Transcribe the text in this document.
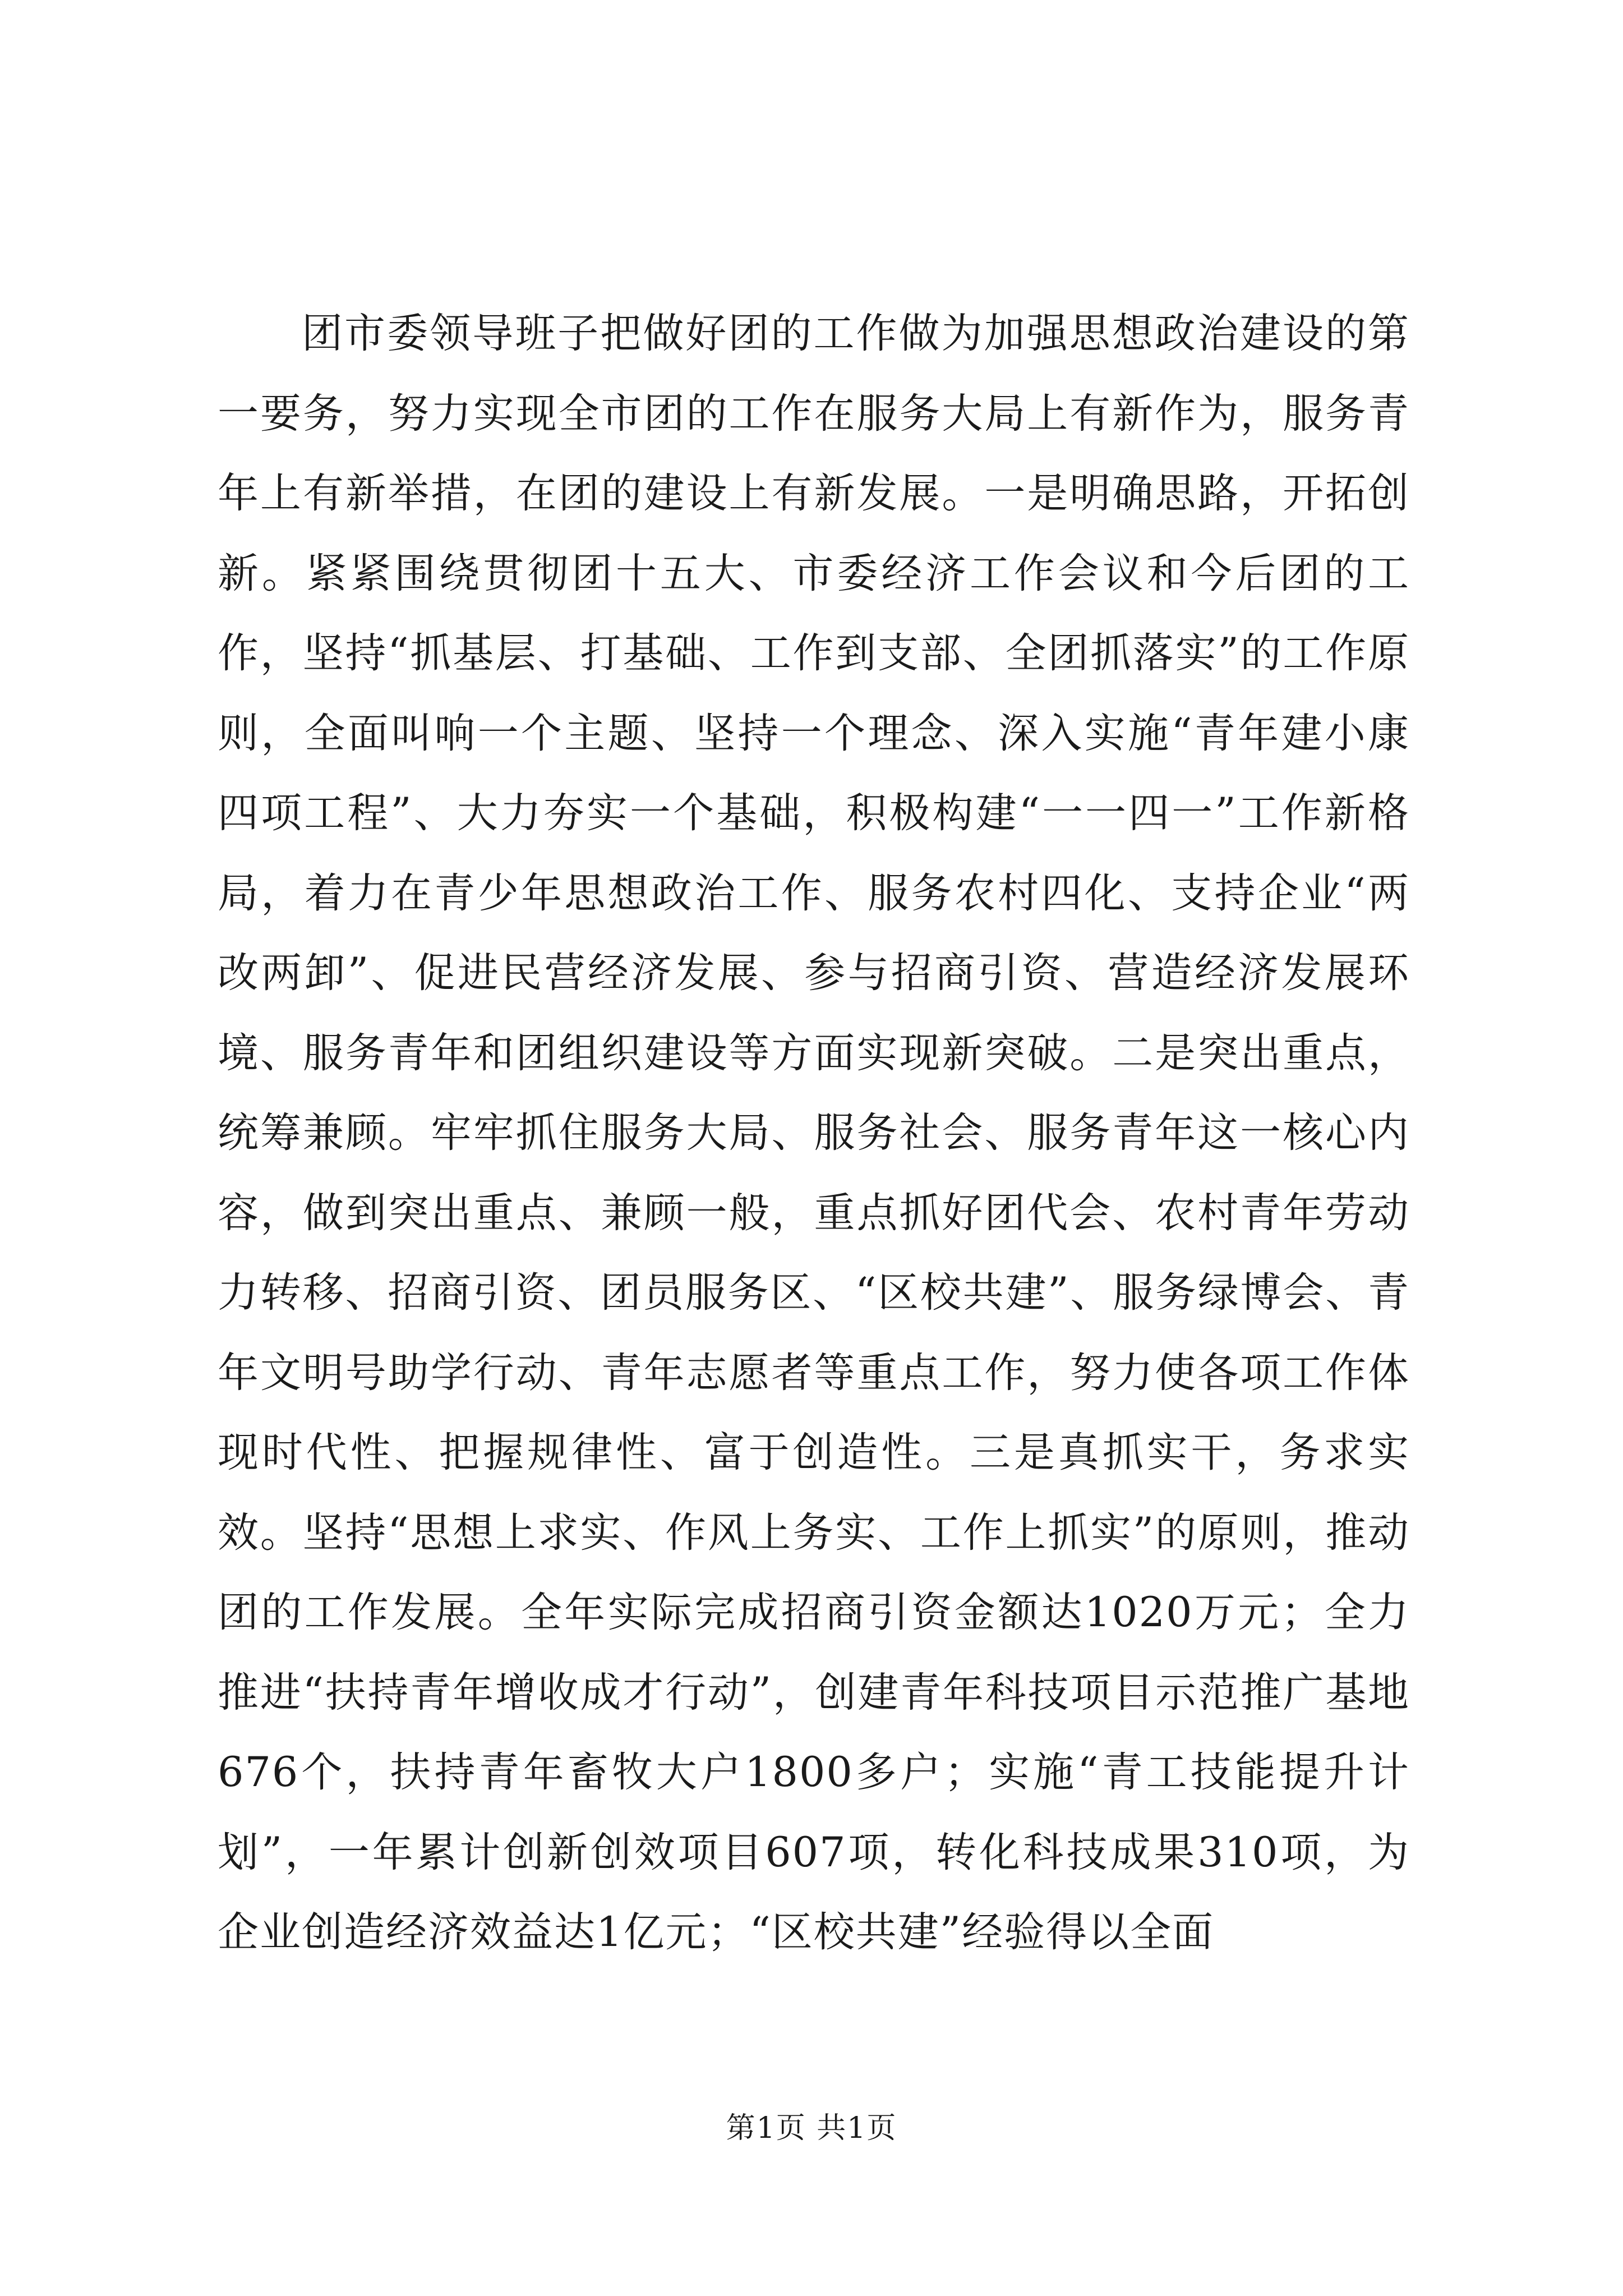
团市委领导班子把做好团的工作做为加强思想政治建设的第一要务，努力实现全市团的工作在服务大局上有新作为，服务青年上有新举措，在团的建设上有新发展。一是明确思路，开拓创新。紧紧围绕贯彻团十五大、市委经济工作会议和今后团的工作，坚持“抓基层、打基础、工作到支部、全团抓落实”的工作原则，全面叫响一个主题、坚持一个理念、深入实施“青年建小康四项工程”、大力夯实一个基础，积极构建“一一四一”工作新格局，着力在青少年思想政治工作、服务农村四化、支持企业“两改两卸”、促进民营经济发展、参与招商引资、营造经济发展环境、服务青年和团组织建设等方面实现新突破。二是突出重点，统筹兼顾。牢牢抓住服务大局、服务社会、服务青年这一核心内容，做到突出重点、兼顾一般，重点抓好团代会、农村青年劳动力转移、招商引资、团员服务区、“区校共建”、服务绿博会、青年文明号助学行动、青年志愿者等重点工作，努力使各项工作体现时代性、把握规律性、富于创造性。三是真抓实干，务求实效。坚持“思想上求实、作风上务实、工作上抓实”的原则，推动团的工作发展。全年实际完成招商引资金额达1020万元；全力推进“扶持青年增收成才行动”，创建青年科技项目示范推广基地676个，扶持青年畜牧大户1800多户；实施“青工技能提升计划”，一年累计创新创效项目607项，转化科技成果310项，为企业创造经济效益达1亿元；“区校共建”经验得以全面

第1页 共1页
